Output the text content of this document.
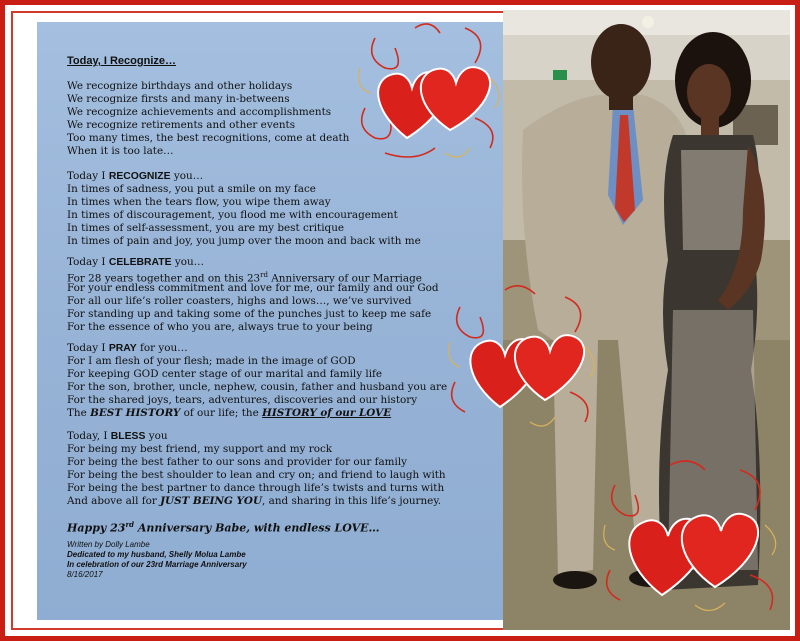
Today, I Recognize…
We recognize birthdays and other holidays
We recognize firsts and many in-betweens
We recognize achievements and accomplishments
We recognize retirements and other events
Too many times, the best recognitions, come at death
When it is too late…
Today I RECOGNIZE you…
In times of sadness, you put a smile on my face
In times when the tears flow, you wipe them away
In times of discouragement, you flood me with encouragement
In times of self-assessment, you are my best critique
In times of pain and joy, you jump over the moon and back with me
Today I CELEBRATE you…
For 28 years together and on this 23rd Anniversary of our Marriage
For your endless commitment and love for me, our family and our God
For all our life’s roller coasters, highs and lows…, we’ve survived
For standing up and taking some of the punches just to keep me safe
For the essence of who you are, always true to your being
Today I PRAY for you…
For I am flesh of your flesh; made in the image of GOD
For keeping GOD center stage of our marital and family life
For the son, brother, uncle, nephew, cousin, father and husband you are
For the shared joys, tears, adventures, discoveries and our history
The BEST HISTORY of our life; the HISTORY of our LOVE
Today, I BLESS you
For being my best friend, my support and my rock
For being the best father to our sons and provider for our family
For being the best shoulder to lean and cry on; and friend to laugh with
For being the best partner to dance through life’s twists and turns with
And above all for JUST BEING YOU, and sharing in this life’s journey.
Happy 23rd Anniversary Babe, with endless LOVE…
Written by Dolly Lambe
Dedicated to my husband, Shelly Molua Lambe
In celebration of our 23rd Marriage Anniversary
8/16/2017
